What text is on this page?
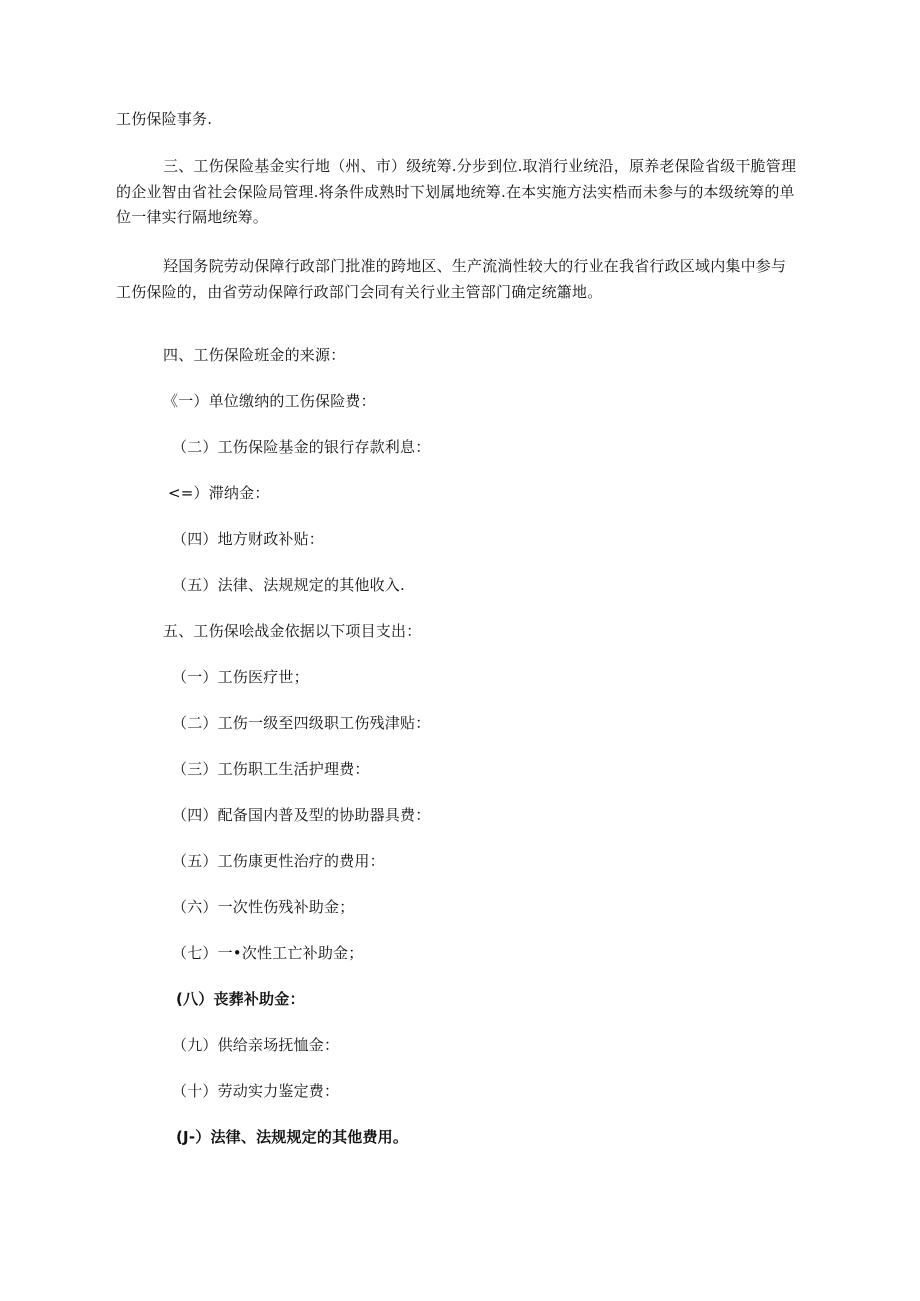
工伤保险事务.
三、工伤保险基金实行地（州、市）级统筹.分步到位.取消行业统沿，原养老保险省级干脆管理
的企业智由省社会保险局管理.将条件成熟时下划属地统筹.在本实施方法实梏而未参与的本级统筹的单
位一律实行隔地统筹。
羟国务院劳动保障行政部门批准的跨地区、生产流淌性较大的行业在我省行政区域内集中参与
工伤保险的，由省劳动保障行政部门会同有关行业主管部门确定统簫地。
四、工伤保险班金的来源：
《一）单位缴纳的工伤保险费：
（二）工伤保险基金的银行存款利息：
<=）滞纳金：
（四）地方财政补贴：
（五）法律、法规规定的其他收入.
五、工伤保哙战金依据以下项目支出：
（一）工伤医疗世；
（二）工伤一级至四级职工伤残津贴：
（三）工伤职工生活护理费：
（四）配备国内普及型的协助器具费：
（五）工伤康更性治疗的费用：
（六）一次性伤残补助金；
（七）一•次性工亡补助金；
(八）丧葬补助金：
（九）供给亲场抚恤金：
（十）劳动实力鉴定费：
(J-）法律、法规规定的其他费用。
